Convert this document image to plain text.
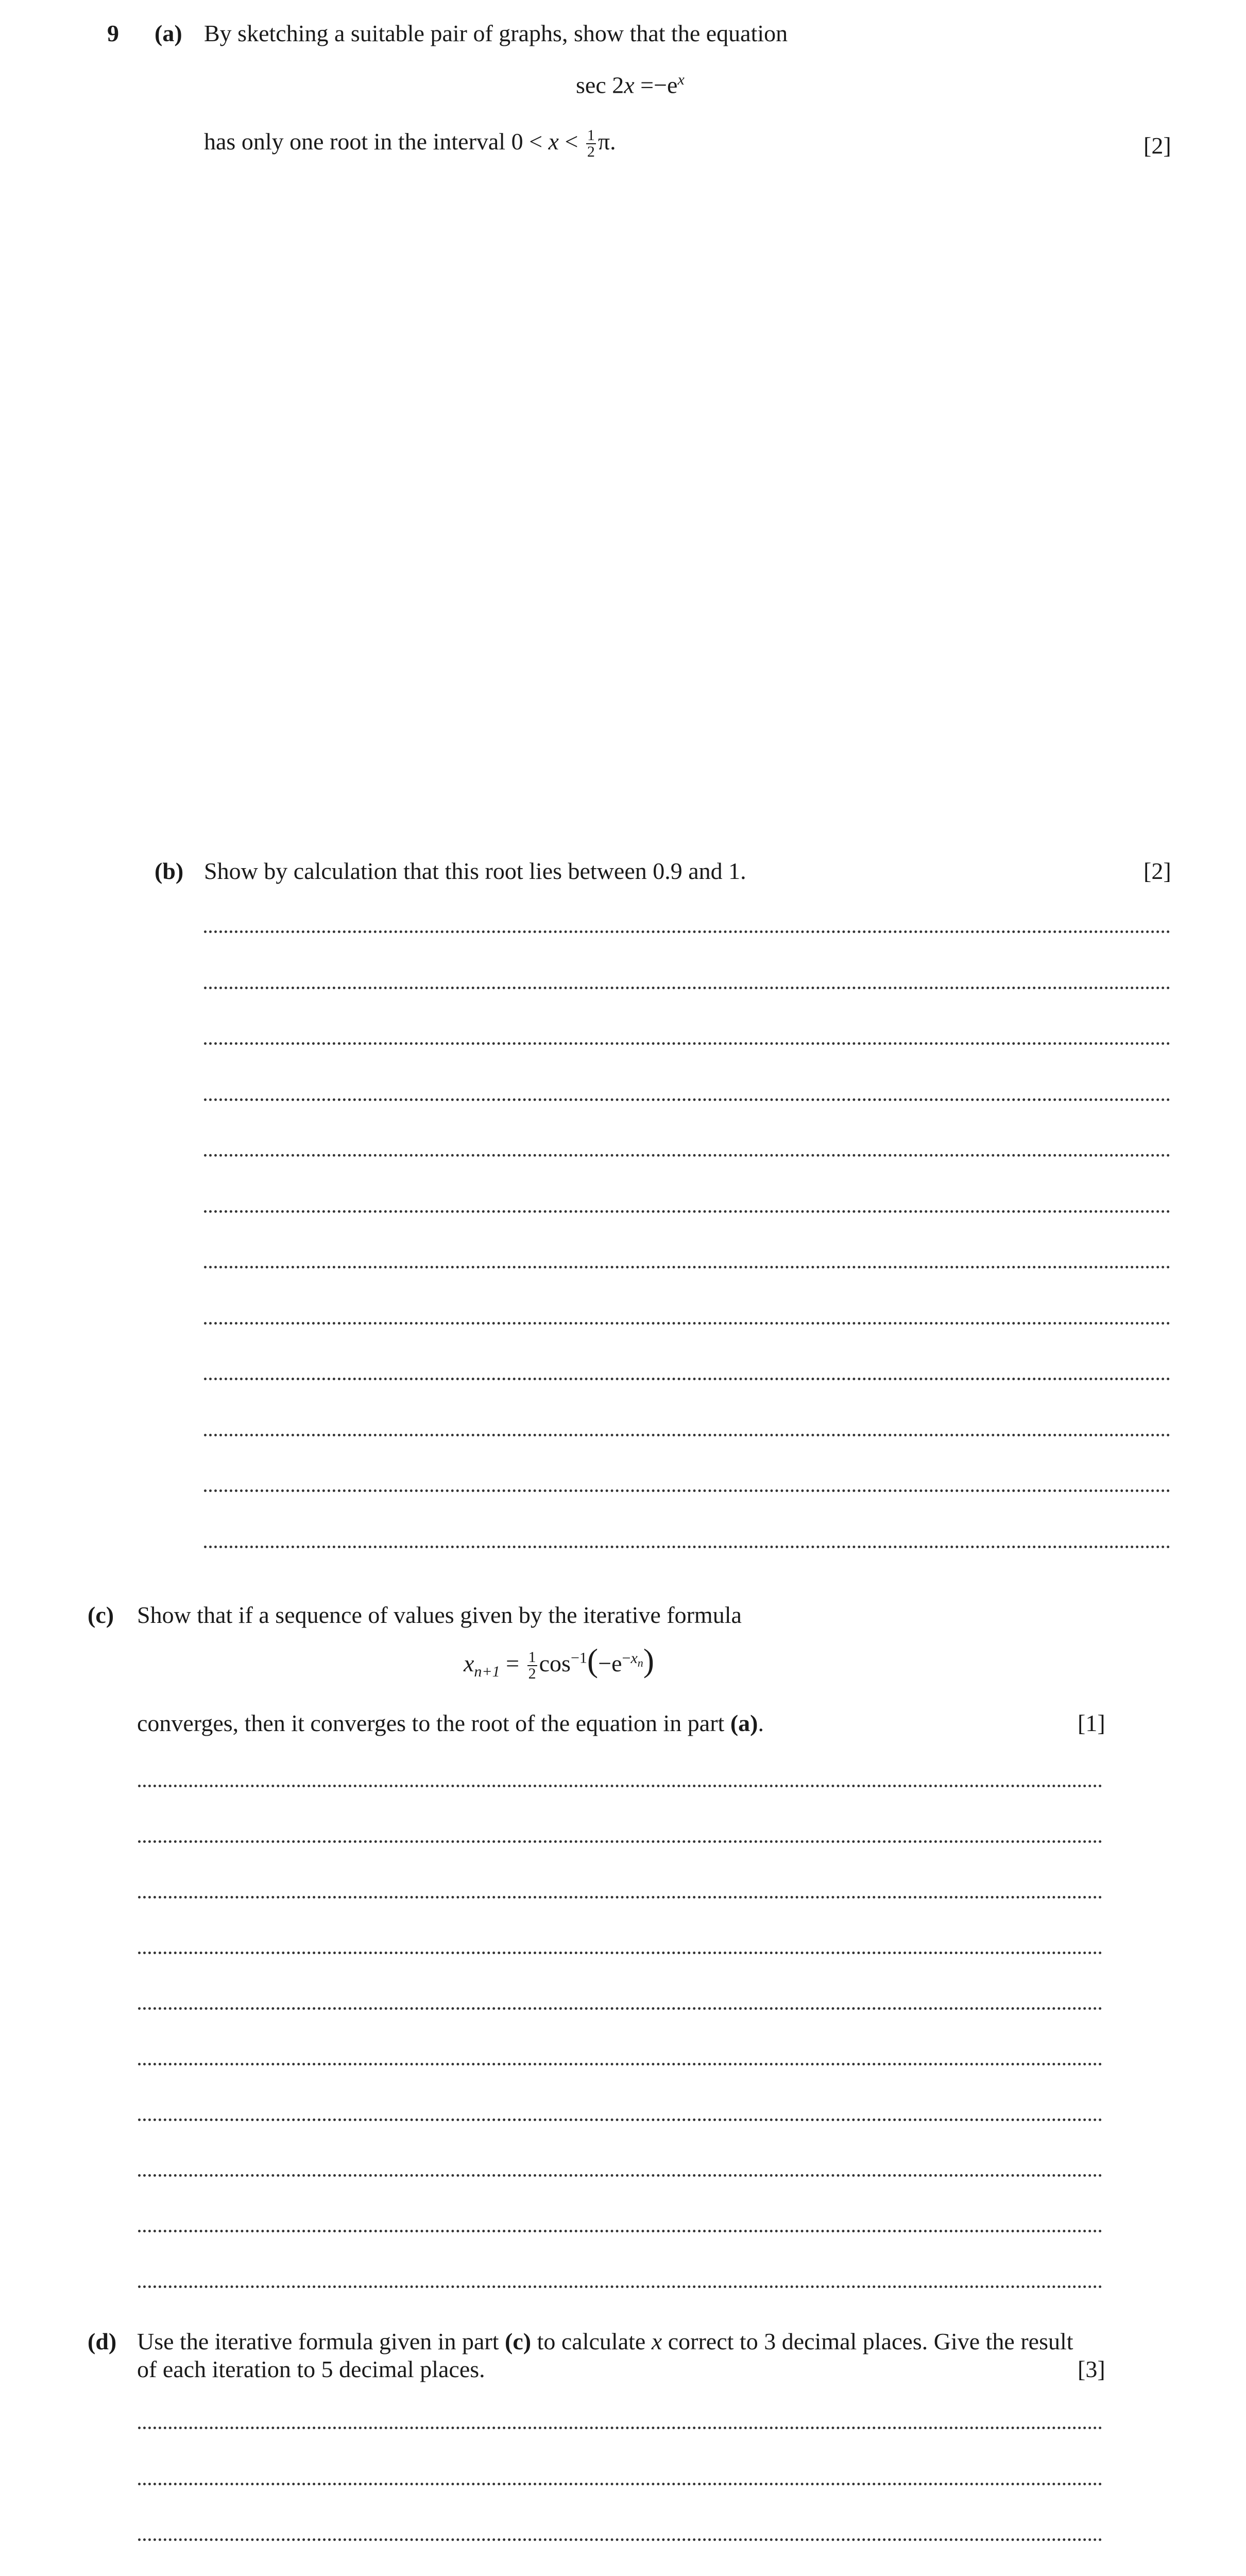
9 (a) By sketching a suitable pair of graphs, show that the equation
$\sec 2x =-e^x$
has only one root in the interval $0 < x < \frac{1}{2} \pi$.	[2]
(b) Show by calculation that this root lies between 0.9 and 1.	[2]
(c) Show that if a sequence of values given by the iterative formula
$x_{n+1} = \frac{1}{2} \cos^{-1}(-e^{-x_n})$
converges, then it converges to the root of the equation in part (a).	[1]
(d) Use the iterative formula given in part (c) to calculate x correct to 3 decimal places. Give the result
of each iteration to 5 decimal places.	[3]
